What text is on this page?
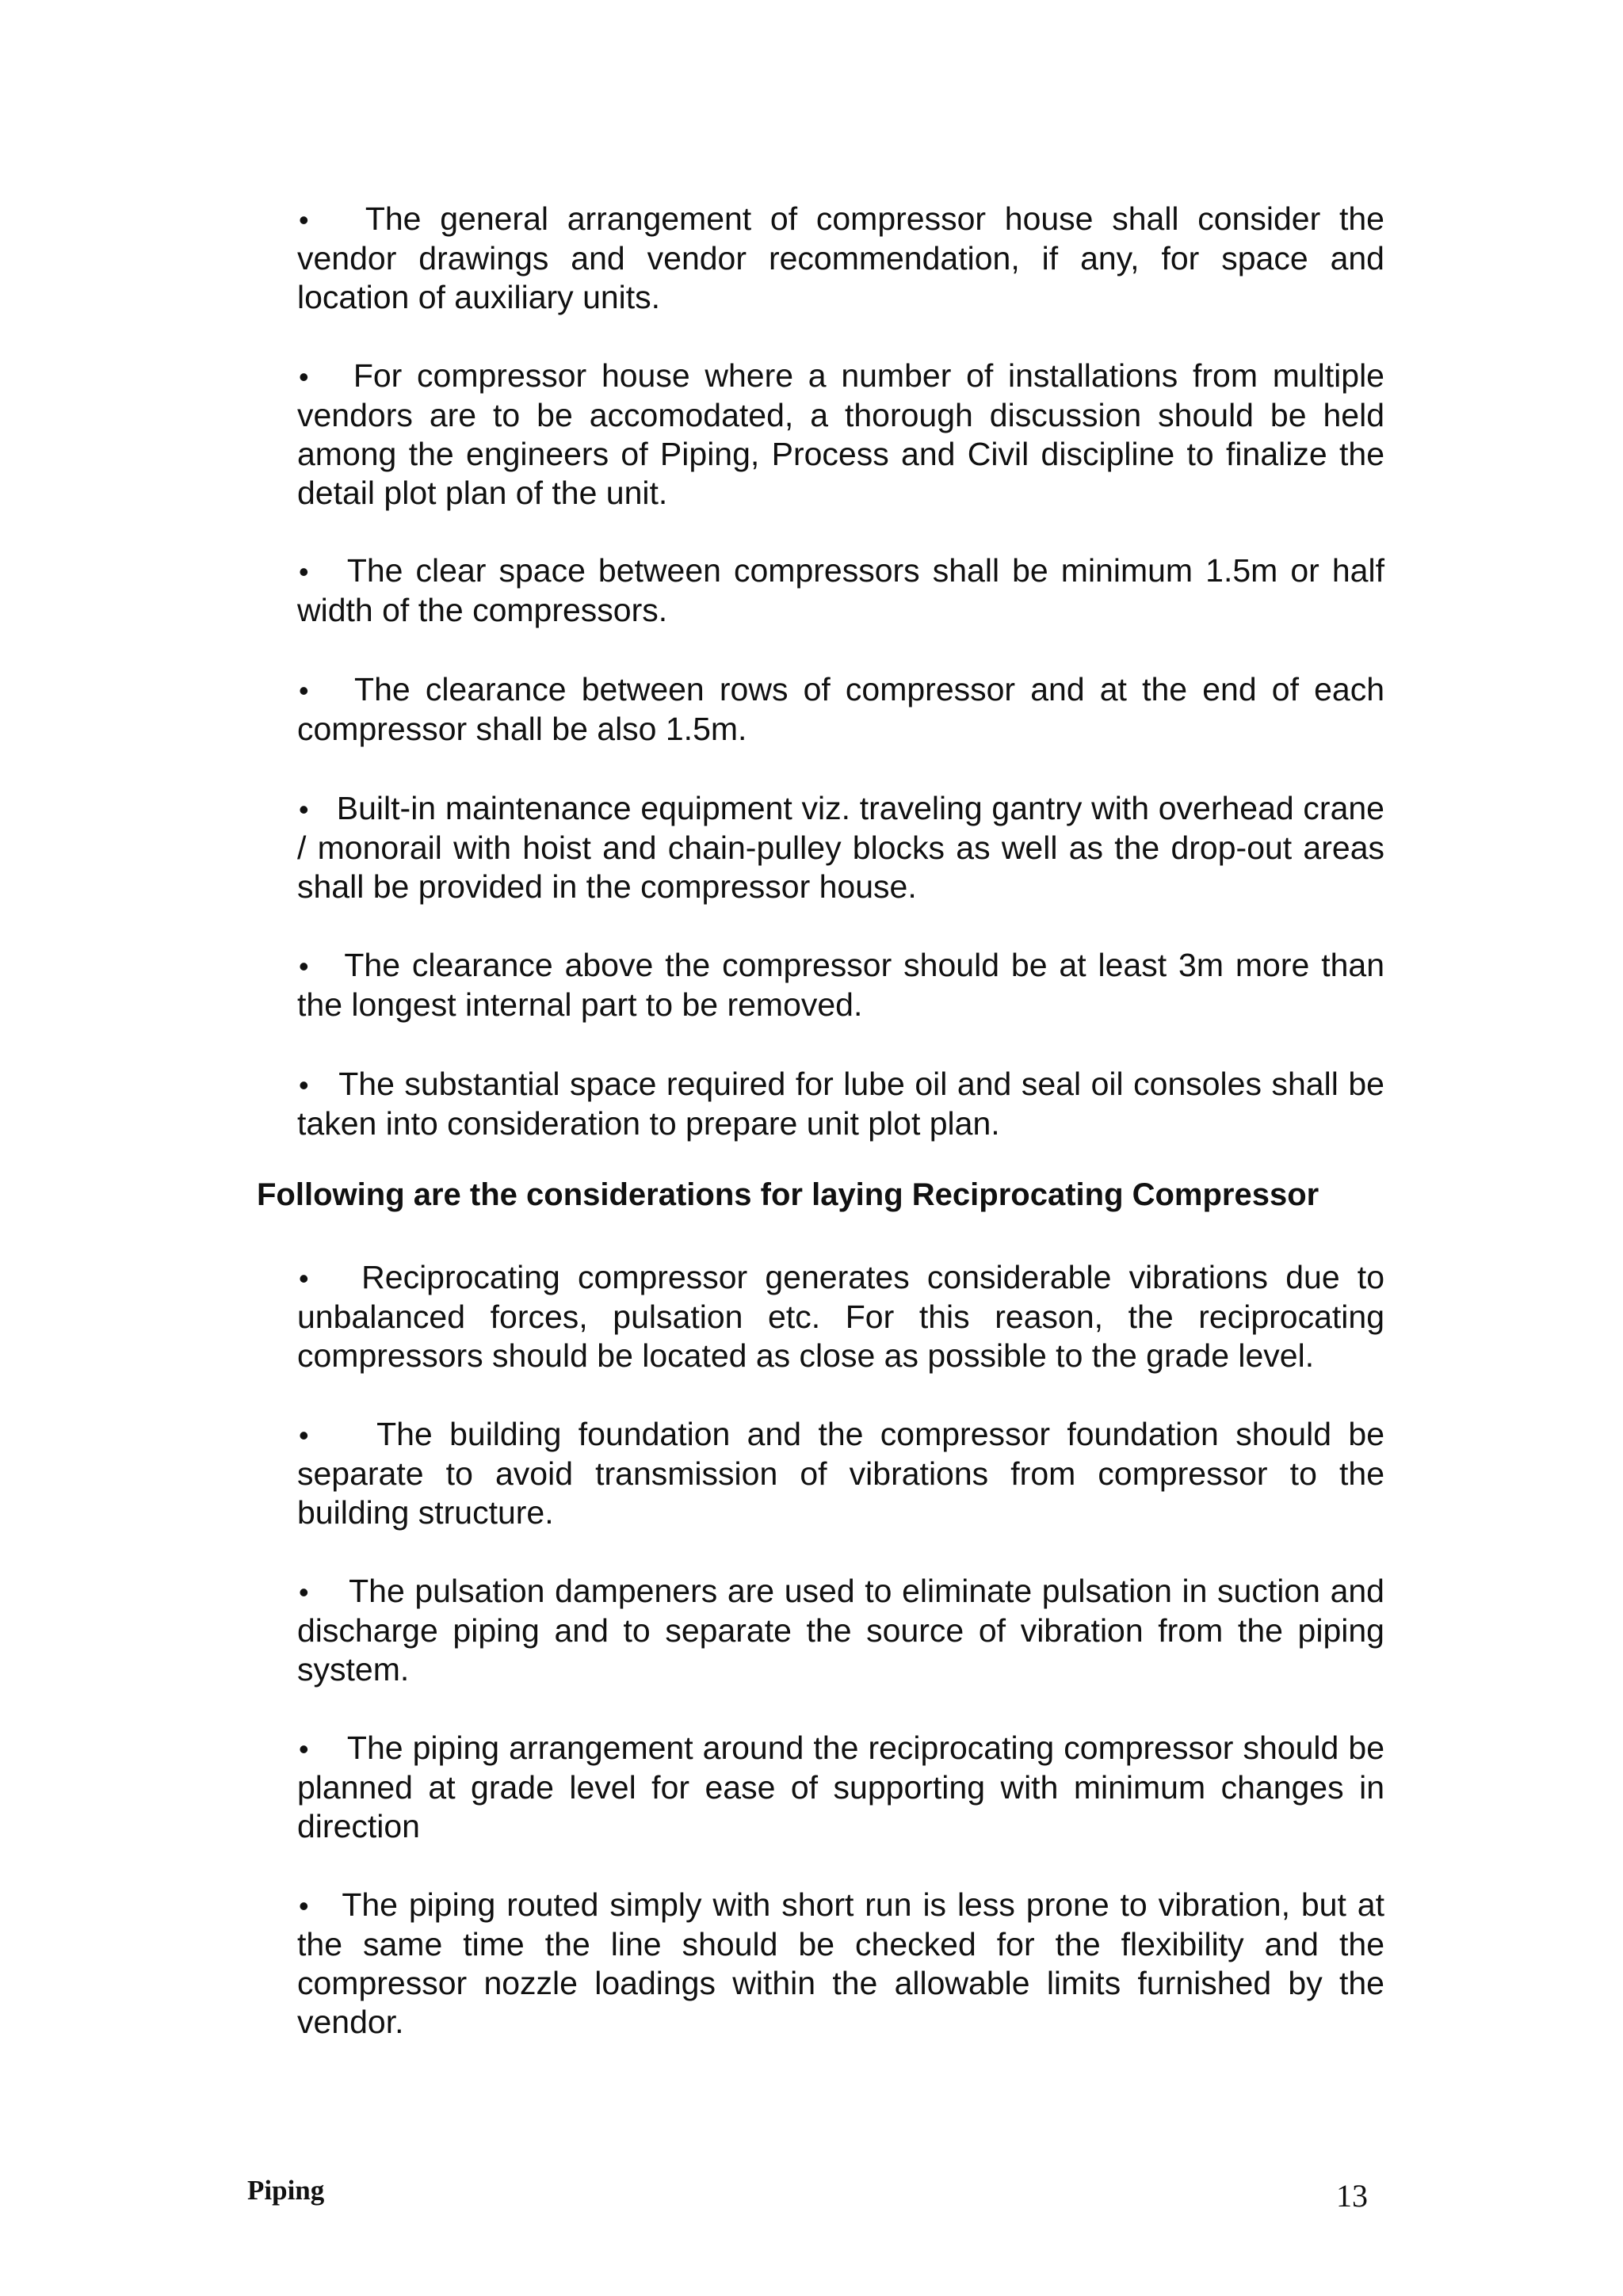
• The general arrangement of compressor house shall consider the vendor drawings and vendor recommendation, if any, for space and location of auxiliary units.

• For compressor house where a number of installations from multiple vendors are to be accomodated, a thorough discussion should be held among the engineers of Piping, Process and Civil discipline to finalize the detail plot plan of the unit.

• The clear space between compressors shall be minimum 1.5m or half width of the compressors.

• The clearance between rows of compressor and at the end of each compressor shall be also 1.5m.

• Built-in maintenance equipment viz. traveling gantry with overhead crane / monorail with hoist and chain-pulley blocks as well as the drop-out areas shall be provided in the compressor house.

• The clearance above the compressor should be at least 3m more than the longest internal part to be removed.

• The substantial space required for lube oil and seal oil consoles shall be taken into consideration to prepare unit plot plan.

Following are the considerations for laying Reciprocating Compressor

• Reciprocating compressor generates considerable vibrations due to unbalanced forces, pulsation etc. For this reason, the reciprocating compressors should be located as close as possible to the grade level.

• The building foundation and the compressor foundation should be separate to avoid transmission of vibrations from compressor to the building structure.

• The pulsation dampeners are used to eliminate pulsation in suction and discharge piping and to separate the source of vibration from the piping system.

• The piping arrangement around the reciprocating compressor should be planned at grade level for ease of supporting with minimum changes in direction

• The piping routed simply with short run is less prone to vibration, but at the same time the line should be checked for the flexibility and the compressor nozzle loadings within the allowable limits furnished by the vendor.

Piping	13
